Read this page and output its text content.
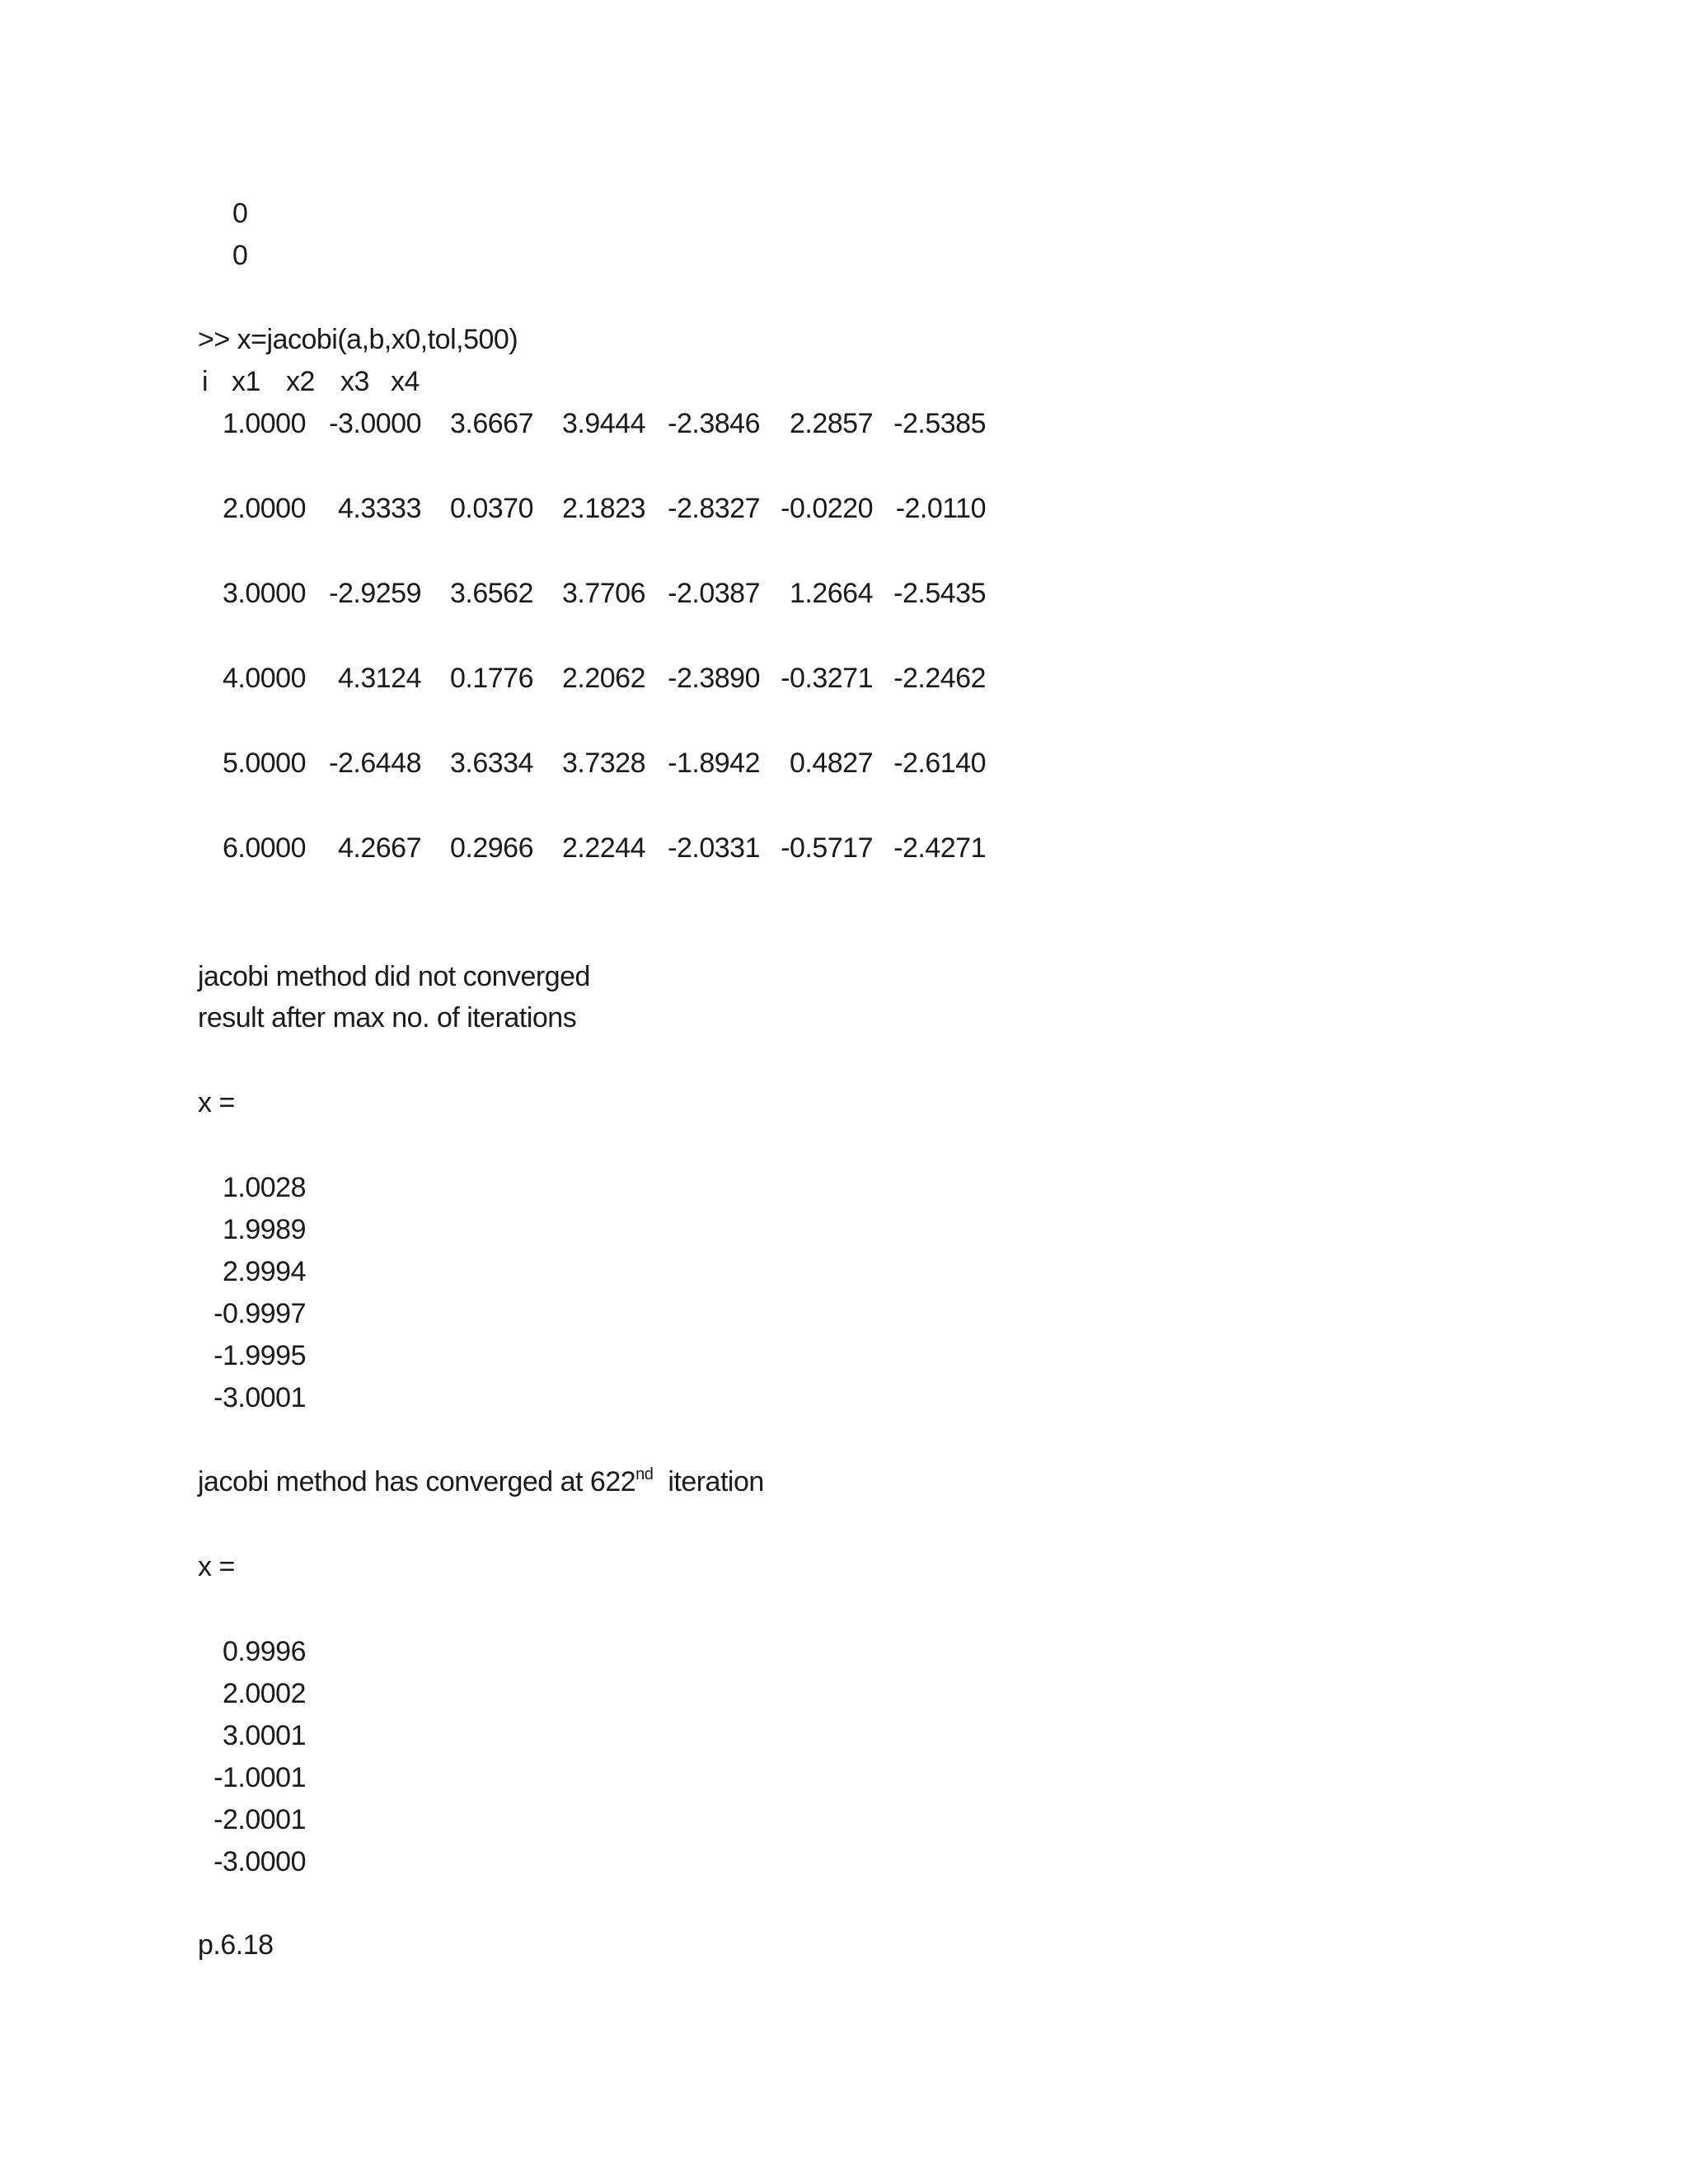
0
0
>> x=jacobi(a,b,x0,tol,500)
i x1 x2 x3 x4
1.0000 -3.0000 3.6667 3.9444 -2.3846 2.2857 -2.5385
2.0000 4.3333 0.0370 2.1823 -2.8327 -0.0220 -2.0110
3.0000 -2.9259 3.6562 3.7706 -2.0387 1.2664 -2.5435
4.0000 4.3124 0.1776 2.2062 -2.3890 -0.3271 -2.2462
5.0000 -2.6448 3.6334 3.7328 -1.8942 0.4827 -2.6140
6.0000 4.2667 0.2966 2.2244 -2.0331 -0.5717 -2.4271
jacobi method did not converged
result after max no. of iterations
x =
1.0028
1.9989
2.9994
-0.9997
-1.9995
-3.0001
jacobi method has converged at 622nd iteration
x =
0.9996
2.0002
3.0001
-1.0001
-2.0001
-3.0000
p.6.18
